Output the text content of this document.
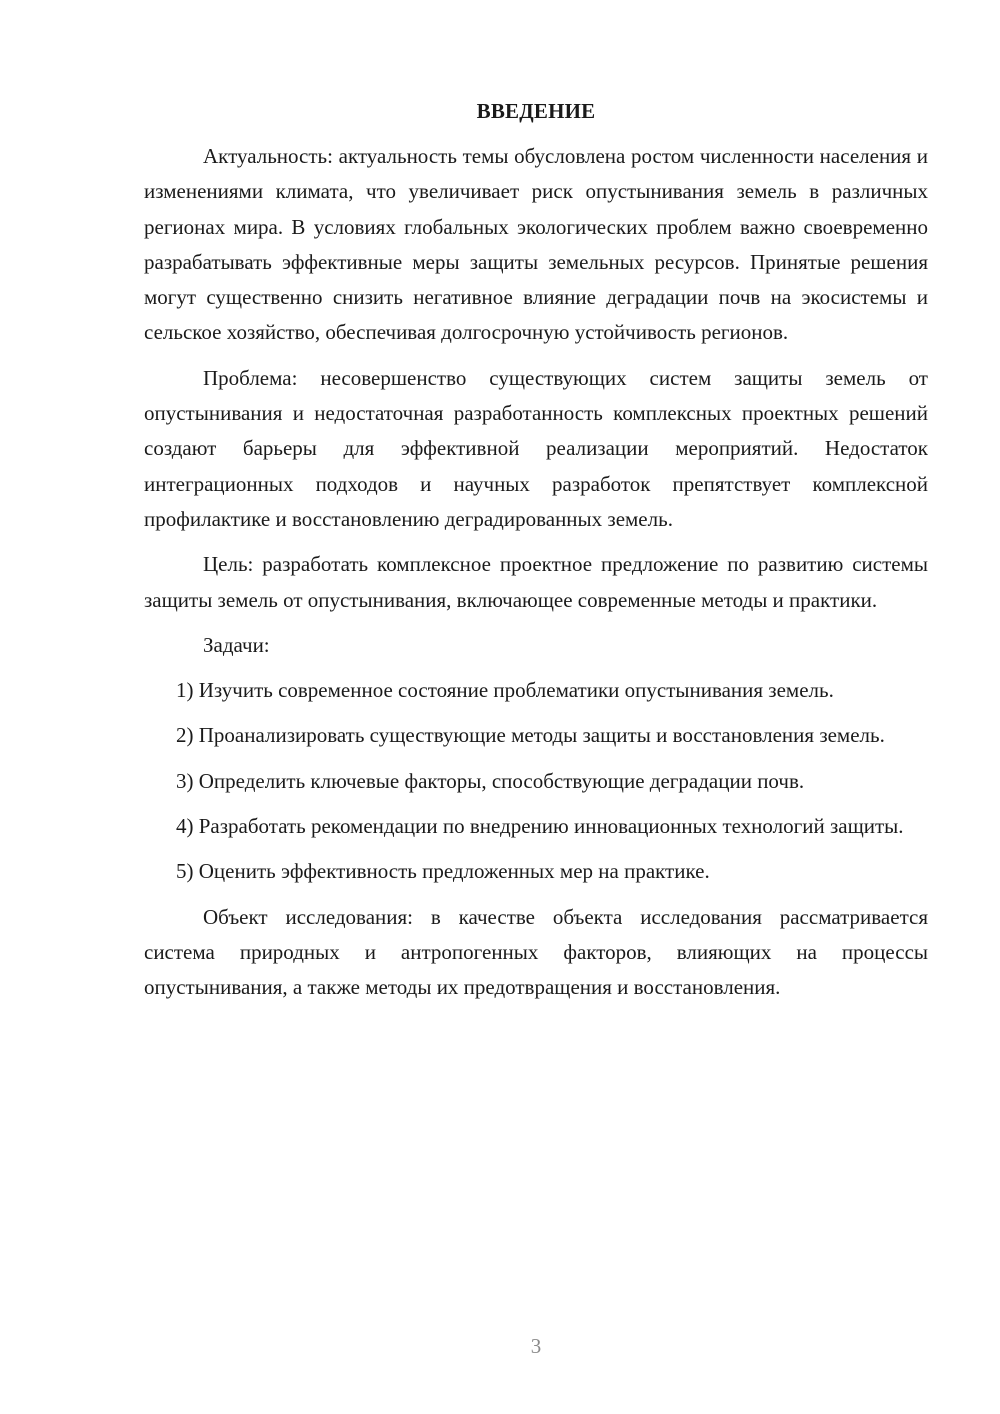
ВВЕДЕНИЕ

Актуальность: актуальность темы обусловлена ростом численности населения и изменениями климата, что увеличивает риск опустынивания земель в различных регионах мира. В условиях глобальных экологических проблем важно своевременно разрабатывать эффективные меры защиты земельных ресурсов. Принятые решения могут существенно снизить негативное влияние деградации почв на экосистемы и сельское хозяйство, обеспечивая долгосрочную устойчивость регионов.

Проблема: несовершенство существующих систем защиты земель от опустынивания и недостаточная разработанность комплексных проектных решений создают барьеры для эффективной реализации мероприятий. Недостаток интеграционных подходов и научных разработок препятствует комплексной профилактике и восстановлению деградированных земель.

Цель: разработать комплексное проектное предложение по развитию системы защиты земель от опустынивания, включающее современные методы и практики.

Задачи:

1) Изучить современное состояние проблематики опустынивания земель.

2) Проанализировать существующие методы защиты и восстановления земель.

3) Определить ключевые факторы, способствующие деградации почв.

4) Разработать рекомендации по внедрению инновационных технологий защиты.

5) Оценить эффективность предложенных мер на практике.

Объект исследования: в качестве объекта исследования рассматривается система природных и антропогенных факторов, влияющих на процессы опустынивания, а также методы их предотвращения и восстановления.

3
